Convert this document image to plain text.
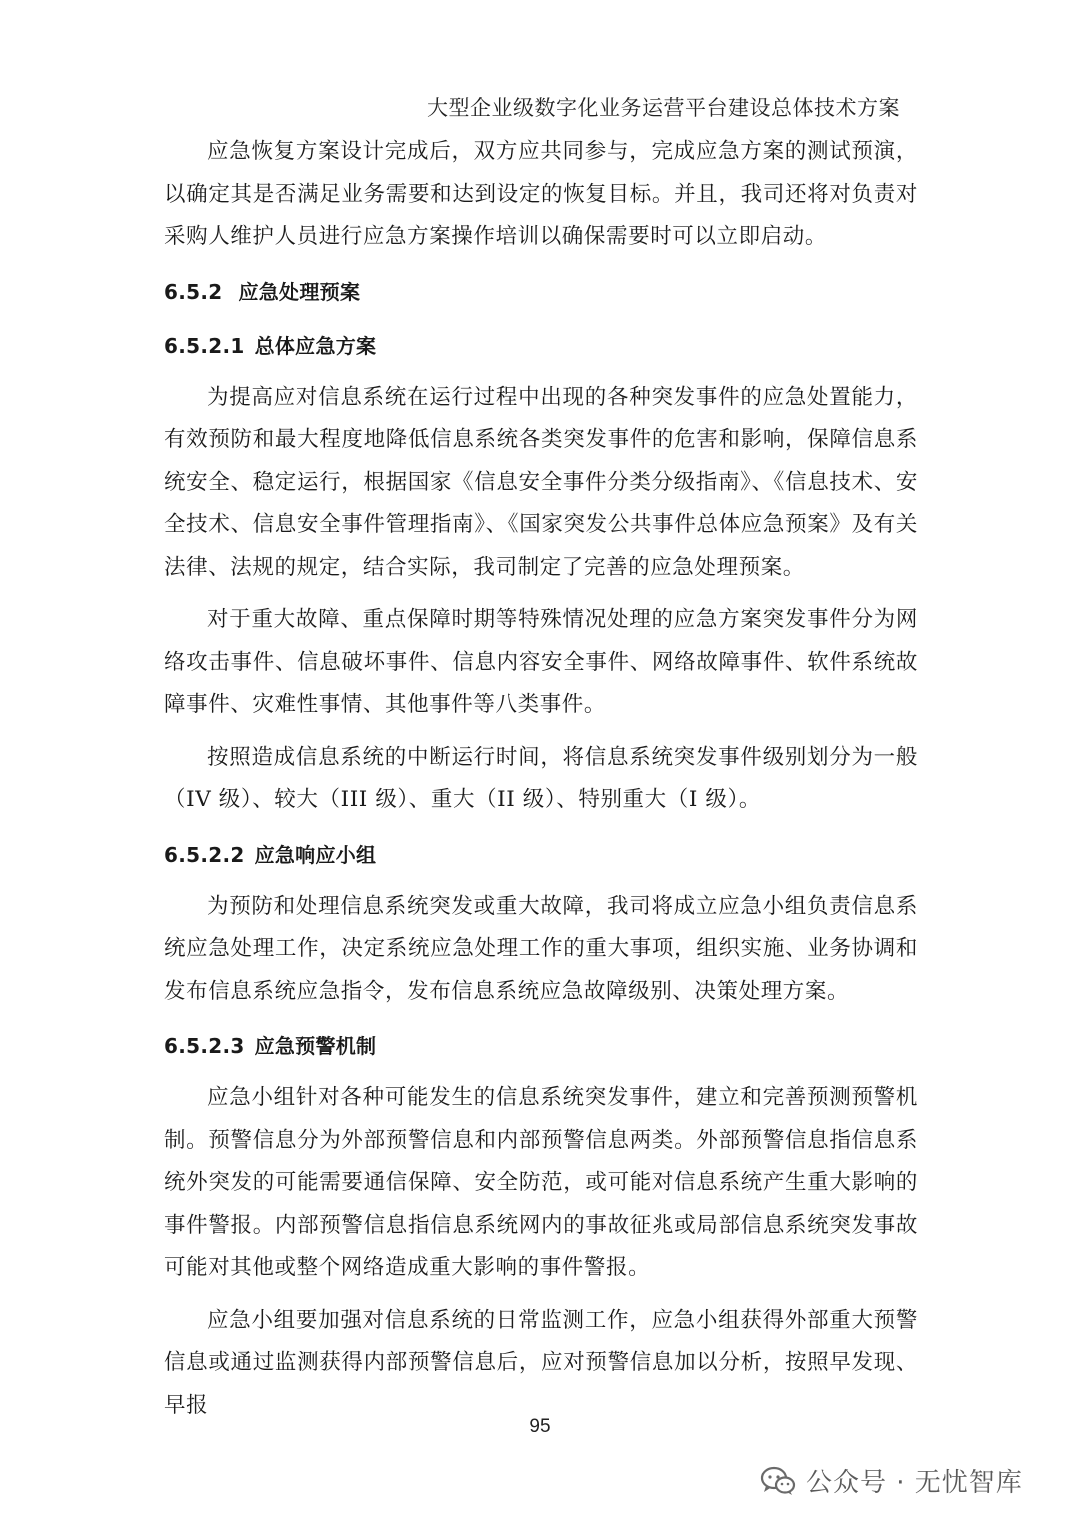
大型企业级数字化业务运营平台建设总体技术方案

应急恢复方案设计完成后，双方应共同参与，完成应急方案的测试预演，以确定其是否满足业务需要和达到设定的恢复目标。并且，我司还将对负责对采购人维护人员进行应急方案操作培训以确保需要时可以立即启动。

6.5.2 应急处理预案
6.5.2.1 总体应急方案

为提高应对信息系统在运行过程中出现的各种突发事件的应急处置能力，有效预防和最大程度地降低信息系统各类突发事件的危害和影响，保障信息系统安全、稳定运行，根据国家《信息安全事件分类分级指南》、《信息技术、安全技术、信息安全事件管理指南》、《国家突发公共事件总体应急预案》及有关法律、法规的规定，结合实际，我司制定了完善的应急处理预案。

对于重大故障、重点保障时期等特殊情况处理的应急方案突发事件分为网络攻击事件、信息破坏事件、信息内容安全事件、网络故障事件、软件系统故障事件、灾难性事情、其他事件等八类事件。

按照造成信息系统的中断运行时间，将信息系统突发事件级别划分为一般（IV 级）、较大（III 级）、重大（II 级）、特别重大（I 级）。

6.5.2.2 应急响应小组

为预防和处理信息系统突发或重大故障，我司将成立应急小组负责信息系统应急处理工作，决定系统应急处理工作的重大事项，组织实施、业务协调和发布信息系统应急指令，发布信息系统应急故障级别、决策处理方案。

6.5.2.3 应急预警机制

应急小组针对各种可能发生的信息系统突发事件，建立和完善预测预警机制。预警信息分为外部预警信息和内部预警信息两类。外部预警信息指信息系统外突发的可能需要通信保障、安全防范，或可能对信息系统产生重大影响的事件警报。内部预警信息指信息系统网内的事故征兆或局部信息系统突发事故可能对其他或整个网络造成重大影响的事件警报。

应急小组要加强对信息系统的日常监测工作，应急小组获得外部重大预警信息或通过监测获得内部预警信息后，应对预警信息加以分析，按照早发现、早报

95
公众号 · 无忧智库
